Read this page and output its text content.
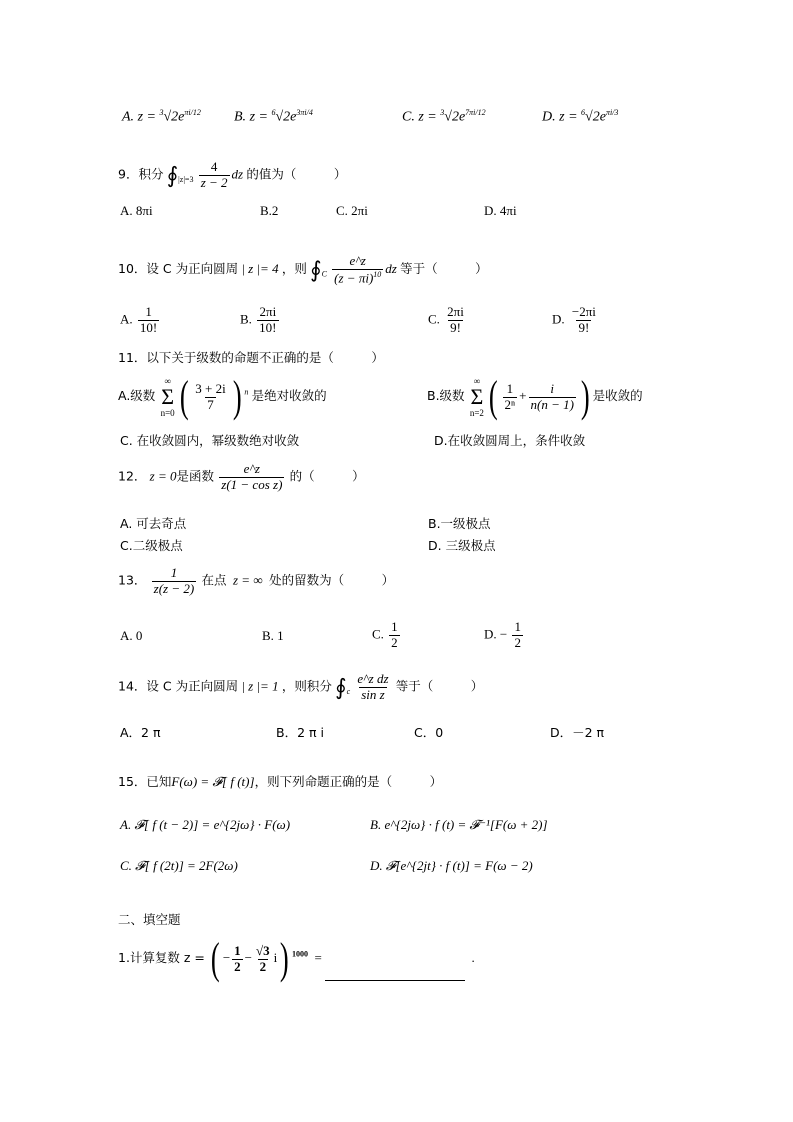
A. $z = ^3√2e^{\pi i/12}$ B. $z = ^6√2e^{3\pi i/4}$	C. $z = ^3√2e^{7\pi i/12}$	D. $z = ^6√2e^{\pi i/3}$
9．积分 $∮_{|z|=3} \frac{4}{z - 2}$ dz 的值为（　　　）
A. 8πi	B.2	C. 2πi	D. 4πi
10．设 C 为正向圆周 | z |= 4 ，则 $∮_C \frac{e\^{}z}{(z - \pi i)^{10}}$ dz 等于（　　　）
A. $\frac{1}{10!}$	B. $\frac{2\pi i}{10!}$	C. $\frac{2\pi i}{9!}$	D. $\frac{-2\pi i}{9!}$
11．以下关于级数的命题不正确的是（　　　）
A.级数
∞
Σ
n=0 ( $\frac{3 + 2i}{7}$ ) $^n$ 是绝对收敛的	B.级数
∞
Σ
n=2 ( $\frac{1}{\text{2ⁿ}} + \frac{i}{n(n - 1)}$ ) 是收敛的
C. 在收敛圆内，幂级数绝对收敛	D.在收敛圆周上，条件收敛
12． z = 0是函数 $\frac{e\^{}z}{\text{z(1 − cos z)}}$ 的（　　　）
A. 可去奇点	B.一级极点
C.二级极点	D. 三级极点
13． $\frac{1}{z(z - 2)}$ 在点 z = ∞ 处的留数为（　　　）
A. 0	B. 1	C. $\frac{1}{2}$	D. − $\frac{1}{2}$
14．设 C 为正向圆周 | z |= 1 ，则积分 $∮_c \frac{\text{e\textasciicircum{}z dz}}{\text{sin z}}$ 等于（　　　）
A．2 π	B．2 π i	C．0	D．－2 π
15．已知F(ω) = 𝓕[ f (t)]，则下列命题正确的是（　　　）
A. 𝓕[ f (t − 2)] = e^{2jω} · F(ω)	B. e^{2jω} · f (t) = 𝓕⁻¹[F(ω + 2)]
C. 𝓕[ f (2t)] = 2F(2ω)	D. 𝓕[e^{2jt} · f (t)] = F(ω − 2)
二、填空题
1.计算复数 z = ( − $\frac{1}{2} - \frac{√3}{2} i$) $^{1000}$ =	.
